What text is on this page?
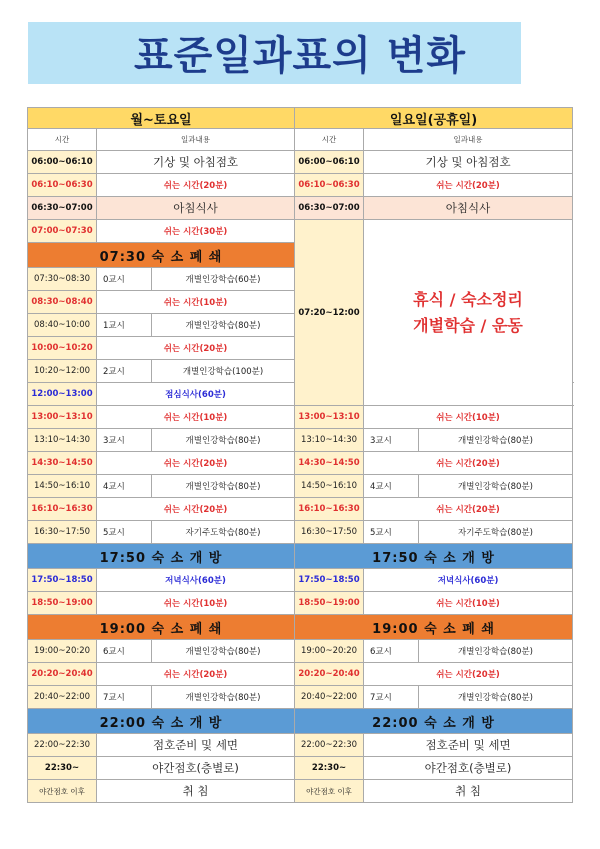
표준일과표의 변화
월~토요일			일요일(공휴일)			
시간	일과내용		시간	일과내용		
06:00~06:10	기상 및 아침점호		06:00~06:10	기상 및 아침점호		
06:10~06:30	쉬는 시간(20분)		06:10~06:30	쉬는 시간(20분)		
06:30~07:00	아침식사		06:30~07:00	아침식사		
07:00~07:30	쉬는 시간(30분)		07:20~12:00	휴식 / 숙소정리
개별학습 / 운동		

07:30 숙 소 폐 쇄						
07:30~08:30	0교시	개별인강학습(60분)				
08:30~08:40	쉬는 시간(10분)					
08:40~10:00	1교시	개별인강학습(80분)				
10:00~10:20	쉬는 시간(20분)					
10:20~12:00	2교시	개별인강학습(100분)				
12:00~13:00	점심식사(60분)		
13:00~13:10	쉬는 시간(10분)		13:00~13:10	쉬는 시간(10분)		
13:10~14:30	3교시	개별인강학습(80분)	13:10~14:30	3교시	개별인강학습(80분)	
14:30~14:50	쉬는 시간(20분)		14:30~14:50	쉬는 시간(20분)		
14:50~16:10	4교시	개별인강학습(80분)	14:50~16:10	4교시	개별인강학습(80분)	
16:10~16:30	쉬는 시간(20분)		16:10~16:30	쉬는 시간(20분)		
16:30~17:50	5교시	자기주도학습(80분)	16:30~17:50	5교시	자기주도학습(80분)	
17:50 숙 소 개 방			17:50 숙 소 개 방			
17:50~18:50	저녁식사(60분)		17:50~18:50	저녁식사(60분)		
18:50~19:00	쉬는 시간(10분)		18:50~19:00	쉬는 시간(10분)		
19:00 숙 소 폐 쇄			19:00 숙 소 폐 쇄			
19:00~20:20	6교시	개별인강학습(80분)	19:00~20:20	6교시	개별인강학습(80분)	
20:20~20:40	쉬는 시간(20분)		20:20~20:40	쉬는 시간(20분)		
20:40~22:00	7교시	개별인강학습(80분)	20:40~22:00	7교시	개별인강학습(80분)	
22:00 숙 소 개 방			22:00 숙 소 개 방			
22:00~22:30	점호준비 및 세면		22:00~22:30	점호준비 및 세면		
22:30~	야간점호(층별로)		22:30~	야간점호(층별로)		
야간점호 이후	취 침		야간점호 이후	취 침		
